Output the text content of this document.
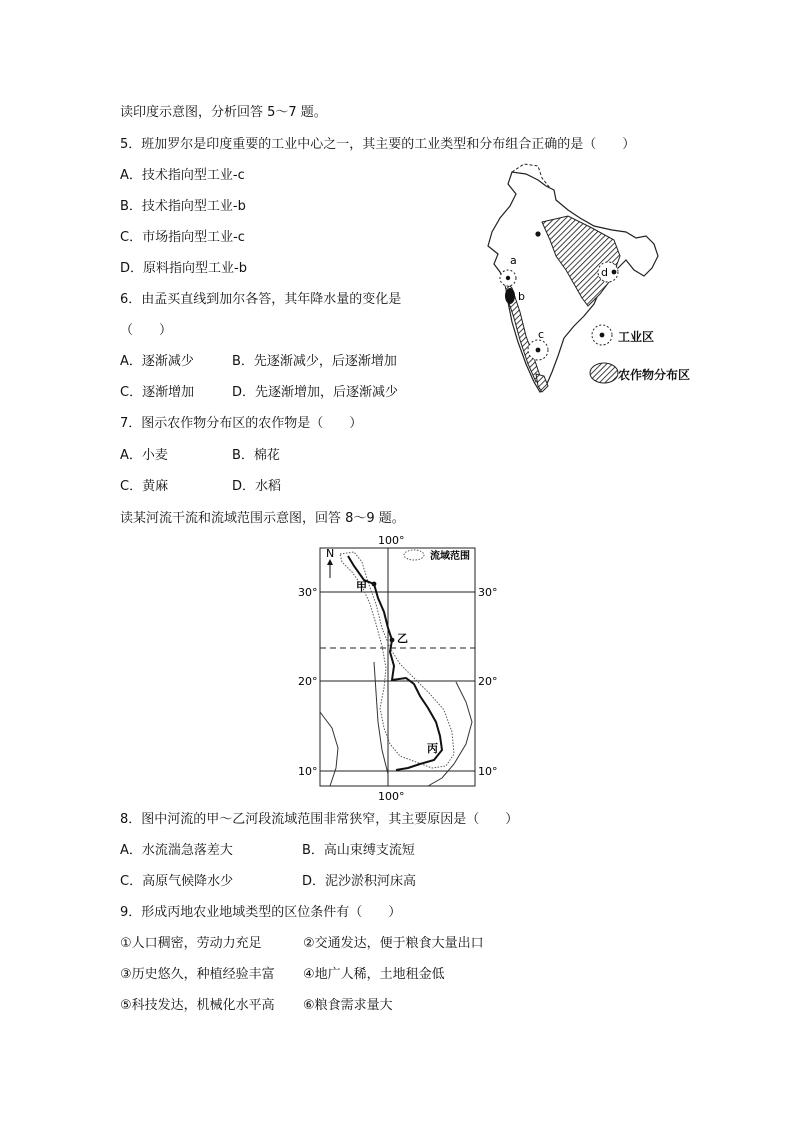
读印度示意图，分析回答 5～7 题。
5．班加罗尔是印度重要的工业中心之一，其主要的工业类型和分布组合正确的是（　　）
A．技术指向型工业-c
B．技术指向型工业-b
C．市场指向型工业-c
D．原料指向型工业-b
6．由孟买直线到加尔各答，其年降水量的变化是
（　　）
A．逐渐减少	B．先逐渐减少，后逐渐增加
C．逐渐增加	D．先逐渐增加，后逐渐减少
7．图示农作物分布区的农作物是（　　）
A．小麦	B．棉花
C．黄麻	D．水稻
a
b
c
d
工业区
农作物分布区
读某河流干流和流域范围示意图，回答 8～9 题。
N	流域范围
100°
100°
30°	30°
20°	20°
10°	10°
甲
乙
丙
8．图中河流的甲～乙河段流域范围非常狭窄，其主要原因是（　　）
A．水流湍急落差大	B．高山束缚支流短
C．高原气候降水少	D．泥沙淤积河床高
9．形成丙地农业地域类型的区位条件有（　　）
①人口稠密，劳动力充足	②交通发达，便于粮食大量出口
③历史悠久，种植经验丰富 ④地广人稀，土地租金低
⑤科技发达，机械化水平高 ⑥粮食需求量大
